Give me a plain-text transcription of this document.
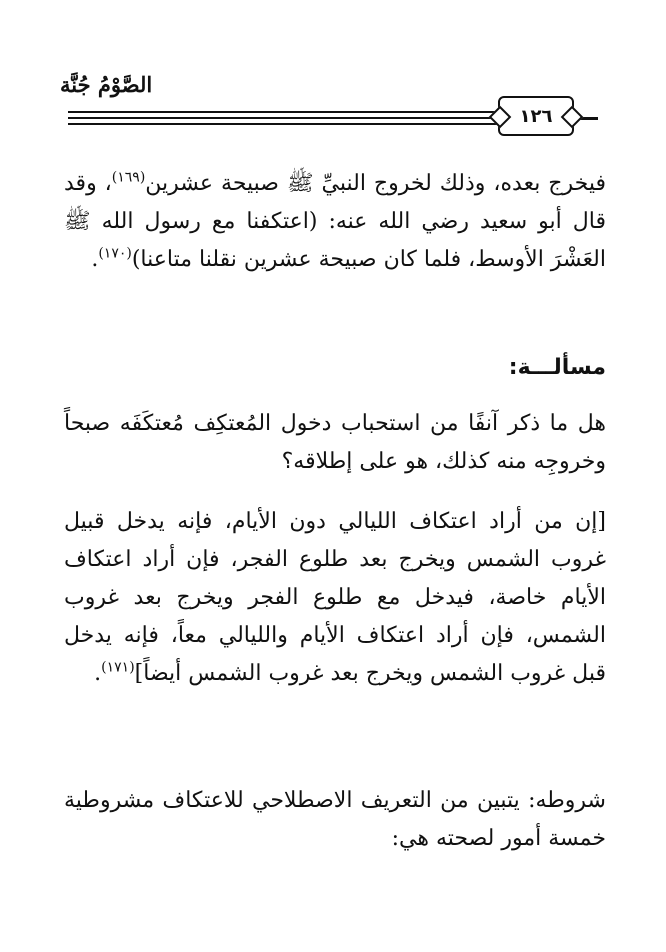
الصَّوْمُ جُنَّة
١٢٦
فيخرج بعده، وذلك لخروج النبيِّ ﷺ صبيحة عشرين$^{(١٦٩)}$، وقد قال أبو سعيد رضي الله عنه: (اعتكفنا مع رسول الله ﷺ العَشْرَ الأوسط، فلما كان صبيحة عشرين نقلنا متاعنا)$^{(١٧٠)}$.
مسألـــة:
هل ما ذكر آنفًا من استحباب دخول المُعتكِف مُعتكَفَه صبحاً وخروجِه منه كذلك، هو على إطلاقه؟
[إن من أراد اعتكاف الليالي دون الأيام، فإنه يدخل قبيل غروب الشمس ويخرج بعد طلوع الفجر، فإن أراد اعتكاف الأيام خاصة، فيدخل مع طلوع الفجر ويخرج بعد غروب الشمس، فإن أراد اعتكاف الأيام والليالي معاً، فإنه يدخل قبل غروب الشمس ويخرج بعد غروب الشمس أيضاً]$^{(١٧١)}$.
شروطه: يتبين من التعريف الاصطلاحي للاعتكاف مشروطية خمسة أمور لصحته هي:
